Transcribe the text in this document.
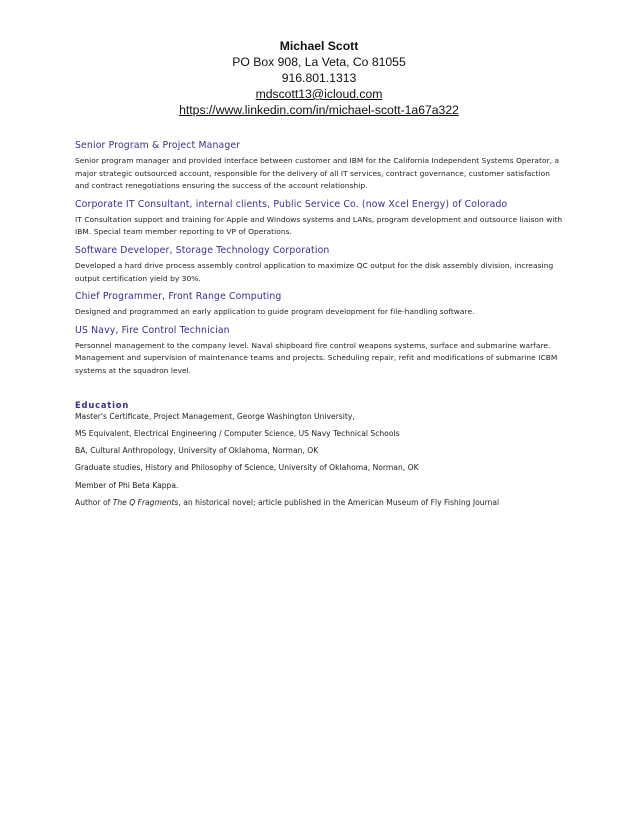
Michael Scott
PO Box 908, La Veta, Co 81055
916.801.1313
mdscott13@icloud.com
https://www.linkedin.com/in/michael-scott-1a67a322

Senior Program & Project Manager

Senior program manager and provided interface between customer and IBM for the California Independent Systems Operator, a major strategic outsourced account, responsible for the delivery of all IT services, contract governance, customer satisfaction and contract renegotiations ensuring the success of the account relationship.

Corporate IT Consultant, internal clients, Public Service Co. (now Xcel Energy) of Colorado

IT Consultation support and training for Apple and Windows systems and LANs, program development and outsource liaison with IBM. Special team member reporting to VP of Operations.

Software Developer, Storage Technology Corporation

Developed a hard drive process assembly control application to maximize QC output for the disk assembly division, increasing output certification yield by 30%.

Chief Programmer, Front Range Computing

Designed and programmed an early application to guide program development for file-handling software.

US Navy, Fire Control Technician

Personnel management to the company level. Naval shipboard fire control weapons systems, surface and submarine warfare. Management and supervision of maintenance teams and projects. Scheduling repair, refit and modifications of submarine ICBM systems at the squadron level.

Education

Master's Certificate, Project Management, George Washington University,

MS Equivalent, Electrical Engineering / Computer Science, US Navy Technical Schools

BA, Cultural Anthropology, University of Oklahoma, Norman, OK

Graduate studies, History and Philosophy of Science, University of Oklahoma, Norman, OK

Member of Phi Beta Kappa.

Author of The Q Fragments, an historical novel; article published in the American Museum of Fly Fishing Journal
